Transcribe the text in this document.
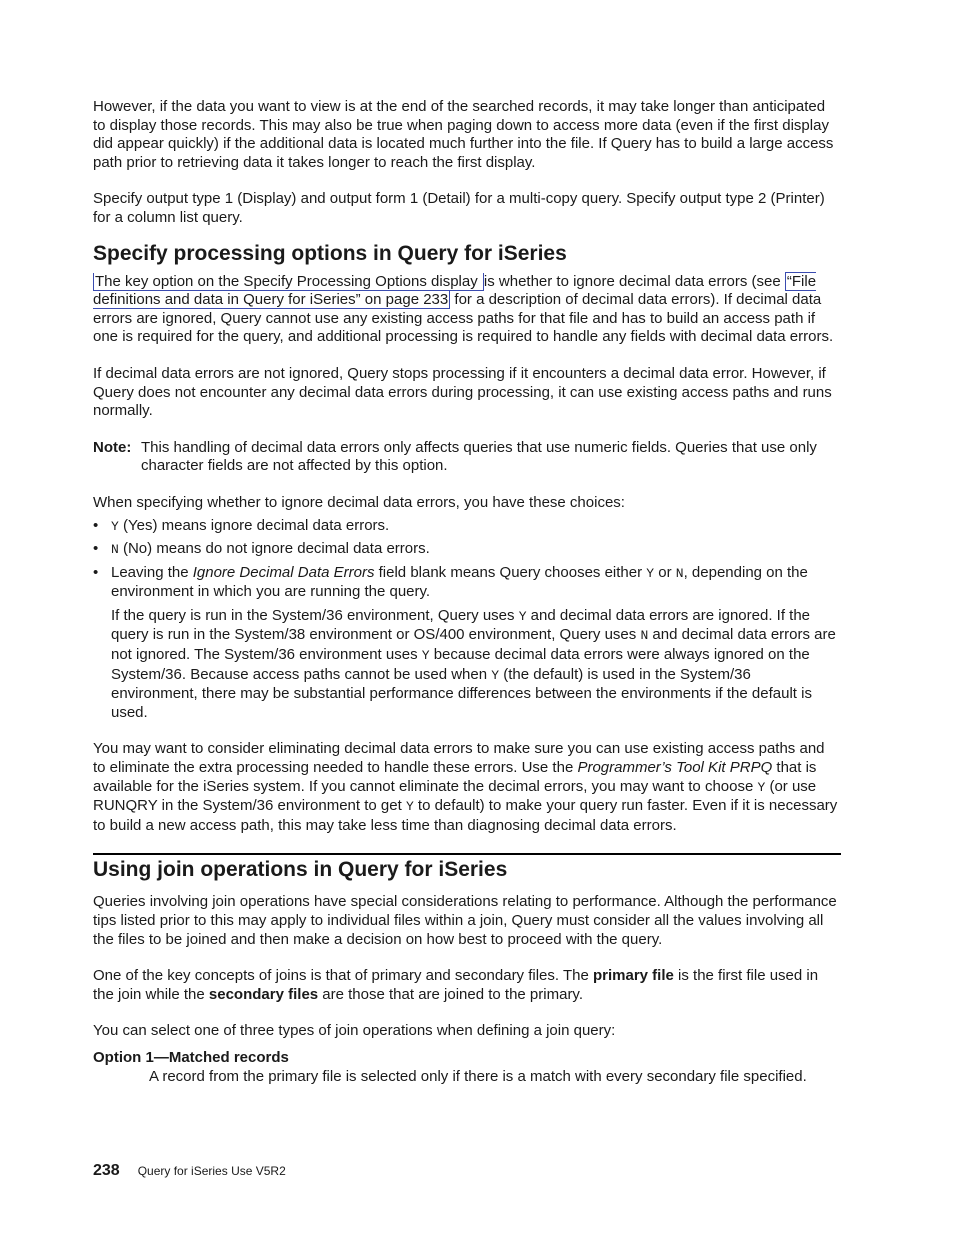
However, if the data you want to view is at the end of the searched records, it may take longer than anticipated to display those records. This may also be true when paging down to access more data (even if the first display did appear quickly) if the additional data is located much further into the file. If Query has to build a large access path prior to retrieving data it takes longer to reach the first display.

Specify output type 1 (Display) and output form 1 (Detail) for a multi-copy query. Specify output type 2 (Printer) for a column list query.

Specify processing options in Query for iSeries

The key option on the Specify Processing Options display is whether to ignore decimal data errors (see “File definitions and data in Query for iSeries” on page 233 for a description of decimal data errors). If decimal data errors are ignored, Query cannot use any existing access paths for that file and has to build an access path if one is required for the query, and additional processing is required to handle any fields with decimal data errors.

If decimal data errors are not ignored, Query stops processing if it encounters a decimal data error. However, if Query does not encounter any decimal data errors during processing, it can use existing access paths and runs normally.

Note: This handling of decimal data errors only affects queries that use numeric fields. Queries that use only character fields are not affected by this option.

When specifying whether to ignore decimal data errors, you have these choices:

• Y (Yes) means ignore decimal data errors.

• N (No) means do not ignore decimal data errors.

• Leaving the Ignore Decimal Data Errors field blank means Query chooses either Y or N, depending on the environment in which you are running the query.

If the query is run in the System/36 environment, Query uses Y and decimal data errors are ignored. If the query is run in the System/38 environment or OS/400 environment, Query uses N and decimal data errors are not ignored. The System/36 environment uses Y because decimal data errors were always ignored on the System/36. Because access paths cannot be used when Y (the default) is used in the System/36 environment, there may be substantial performance differences between the environments if the default is used.

You may want to consider eliminating decimal data errors to make sure you can use existing access paths and to eliminate the extra processing needed to handle these errors. Use the Programmer’s Tool Kit PRPQ that is available for the iSeries system. If you cannot eliminate the decimal errors, you may want to choose Y (or use RUNQRY in the System/36 environment to get Y to default) to make your query run faster. Even if it is necessary to build a new access path, this may take less time than diagnosing decimal data errors.

Using join operations in Query for iSeries

Queries involving join operations have special considerations relating to performance. Although the performance tips listed prior to this may apply to individual files within a join, Query must consider all the values involving all the files to be joined and then make a decision on how best to proceed with the query.

One of the key concepts of joins is that of primary and secondary files. The primary file is the first file used in the join while the secondary files are those that are joined to the primary.

You can select one of three types of join operations when defining a join query:

Option 1—Matched records

A record from the primary file is selected only if there is a match with every secondary file specified.

238 Query for iSeries Use V5R2
